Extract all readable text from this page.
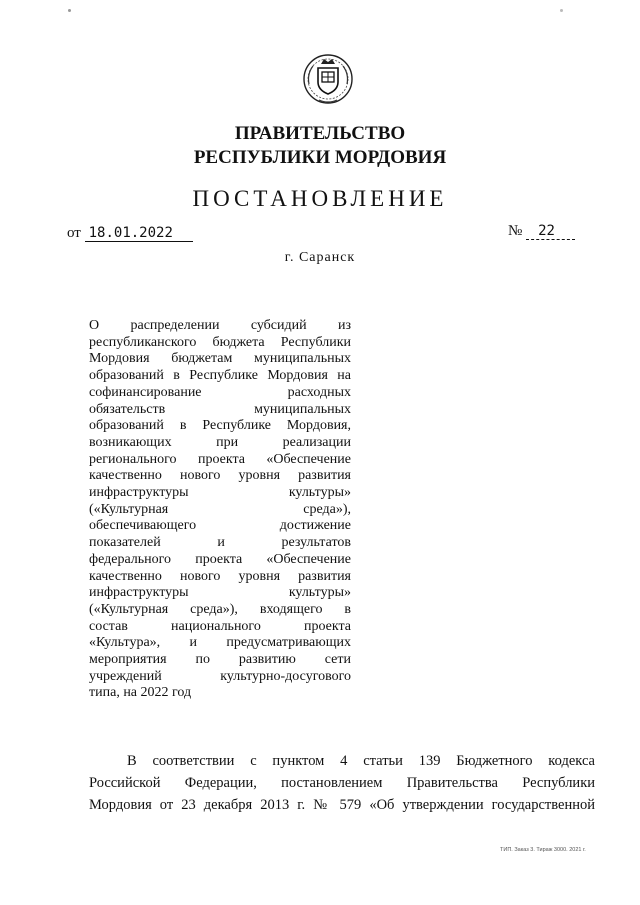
ПРАВИТЕЛЬСТВО
РЕСПУБЛИКИ МОРДОВИЯ
ПОСТАНОВЛЕНИЕ
от 18.01.2022	№ 22
г. Саранск
О распределении субсидий из
республиканского бюджета Республики
Мордовия бюджетам муниципальных
образований в Республике Мордовия на
софинансирование расходных
обязательств муниципальных
образований в Республике Мордовия,
возникающих при реализации
регионального проекта «Обеспечение
качественно нового уровня развития
инфраструктуры культуры»
(«Культурная среда»),
обеспечивающего достижение
показателей и результатов
федерального проекта «Обеспечение
качественно нового уровня развития
инфраструктуры культуры»
(«Культурная среда»), входящего в
состав национального проекта
«Культура», и предусматривающих
мероприятия по развитию сети
учреждений культурно-досугового
типа, на 2022 год
В соответствии с пунктом 4 статьи 139 Бюджетного кодекса
Российской Федерации, постановлением Правительства Республики
Мордовия от 23 декабря 2013 г. № 579 «Об утверждении государственной
ТИП. Заказ 3. Тираж 3000. 2021 г.
